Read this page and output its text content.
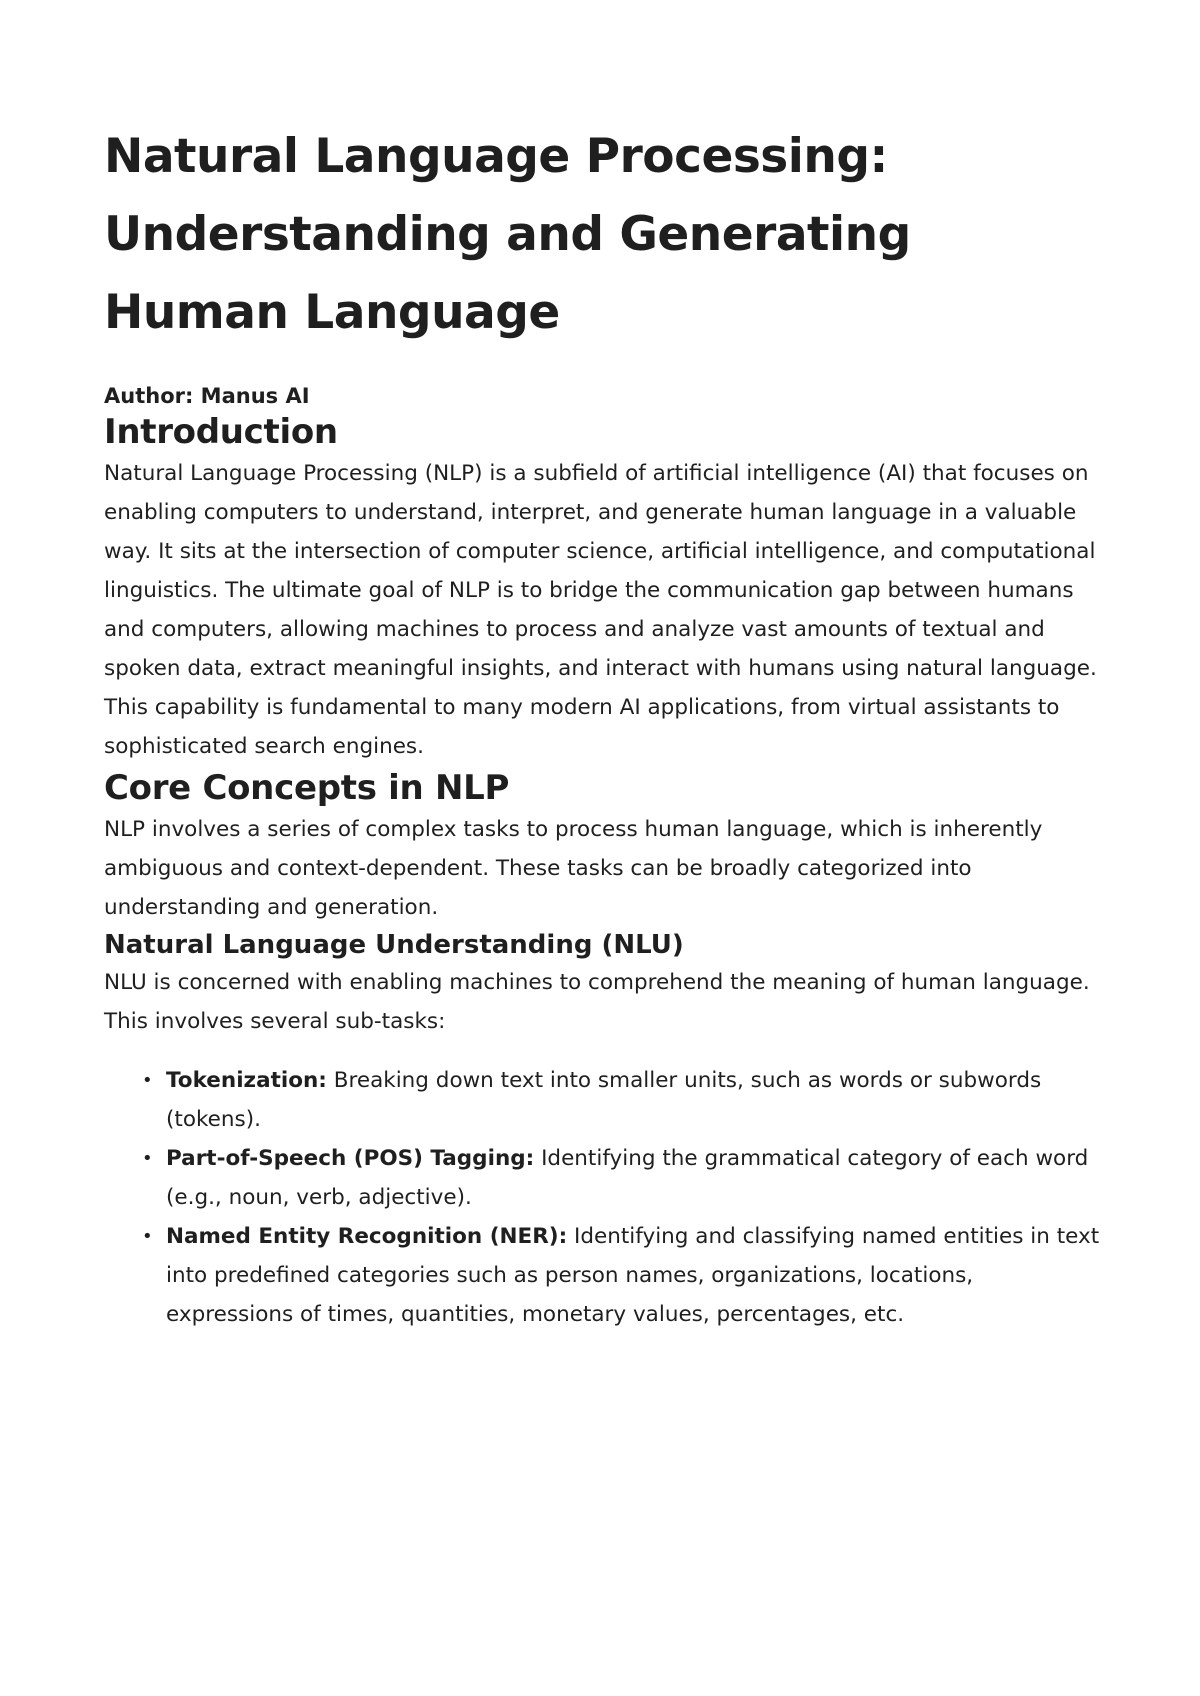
Natural Language Processing: Understanding and Generating Human Language
Author: Manus AI
Introduction

Natural Language Processing (NLP) is a subfield of artificial intelligence (AI) that focuses on enabling computers to understand, interpret, and generate human language in a valuable way. It sits at the intersection of computer science, artificial intelligence, and computational linguistics. The ultimate goal of NLP is to bridge the communication gap between humans and computers, allowing machines to process and analyze vast amounts of textual and spoken data, extract meaningful insights, and interact with humans using natural language. This capability is fundamental to many modern AI applications, from virtual assistants to sophisticated search engines.

Core Concepts in NLP

NLP involves a series of complex tasks to process human language, which is inherently ambiguous and context-dependent. These tasks can be broadly categorized into understanding and generation.

Natural Language Understanding (NLU)

NLU is concerned with enabling machines to comprehend the meaning of human language. This involves several sub-tasks:

• Tokenization: Breaking down text into smaller units, such as words or subwords (tokens).
• Part-of-Speech (POS) Tagging: Identifying the grammatical category of each word (e.g., noun, verb, adjective).
• Named Entity Recognition (NER): Identifying and classifying named entities in text into predefined categories such as person names, organizations, locations, expressions of times, quantities, monetary values, percentages, etc.
